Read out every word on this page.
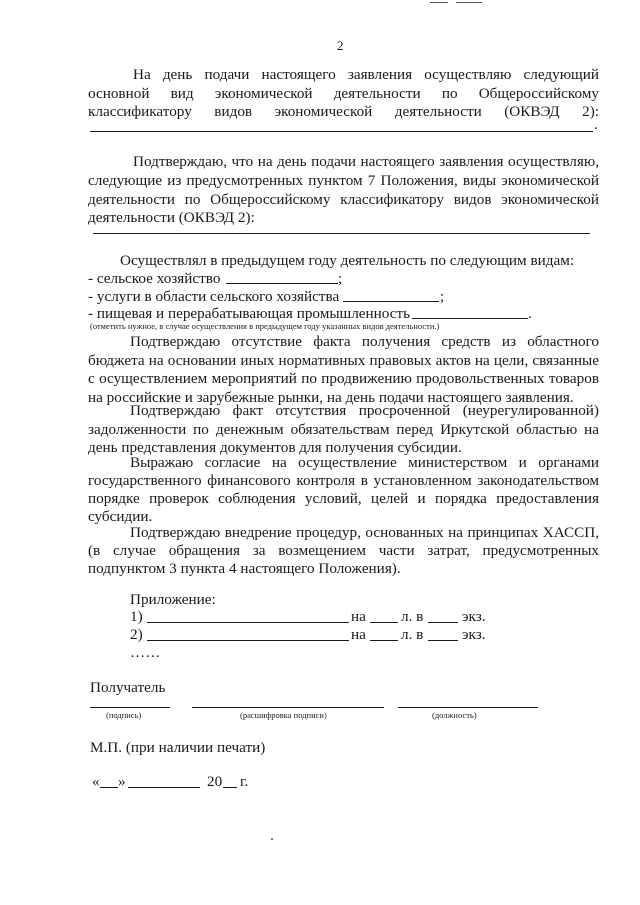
2
На день подачи настоящего заявления осуществляю следующий
основной вид экономической деятельности по Общероссийскому
классификатору видов экономической деятельности (ОКВЭД 2):
.
Подтверждаю, что на день подачи настоящего заявления осуществляю,
следующие из предусмотренных пунктом 7 Положения, виды экономической
деятельности по Общероссийскому классификатору видов экономической
деятельности (ОКВЭД 2):
Осуществлял в предыдущем году деятельность по следующим видам:
- сельское хозяйство	;
- услуги в области сельского хозяйства	;
- пищевая и перерабатывающая промышленность	.
(отметить нужное, в случае осуществления в предыдущем году указанных видов деятельности.)
Подтверждаю отсутствие факта получения средств из областного
бюджета на основании иных нормативных правовых актов на цели, связанные
с осуществлением мероприятий по продвижению продовольственных товаров
на российские и зарубежные рынки, на день подачи настоящего заявления.
Подтверждаю факт отсутствия просроченной (неурегулированной)
задолженности по денежным обязательствам перед Иркутской областью на
день представления документов для получения субсидии.
Выражаю согласие на осуществление министерством и органами
государственного финансового контроля в установленном законодательством
порядке проверок соблюдения условий, целей и порядка предоставления
субсидии.
Подтверждаю внедрение процедур, основанных на принципах ХАССП,
(в случае обращения за возмещением части затрат, предусмотренных
подпунктом 3 пункта 4 настоящего Положения).
Приложение:
1)	на л. в	экз.
2)	на л. в	экз.
……
Получатель
(подпись)	(расшифровка подписи)	(должность)
М.П. (при наличии печати)
« »	20 г.
